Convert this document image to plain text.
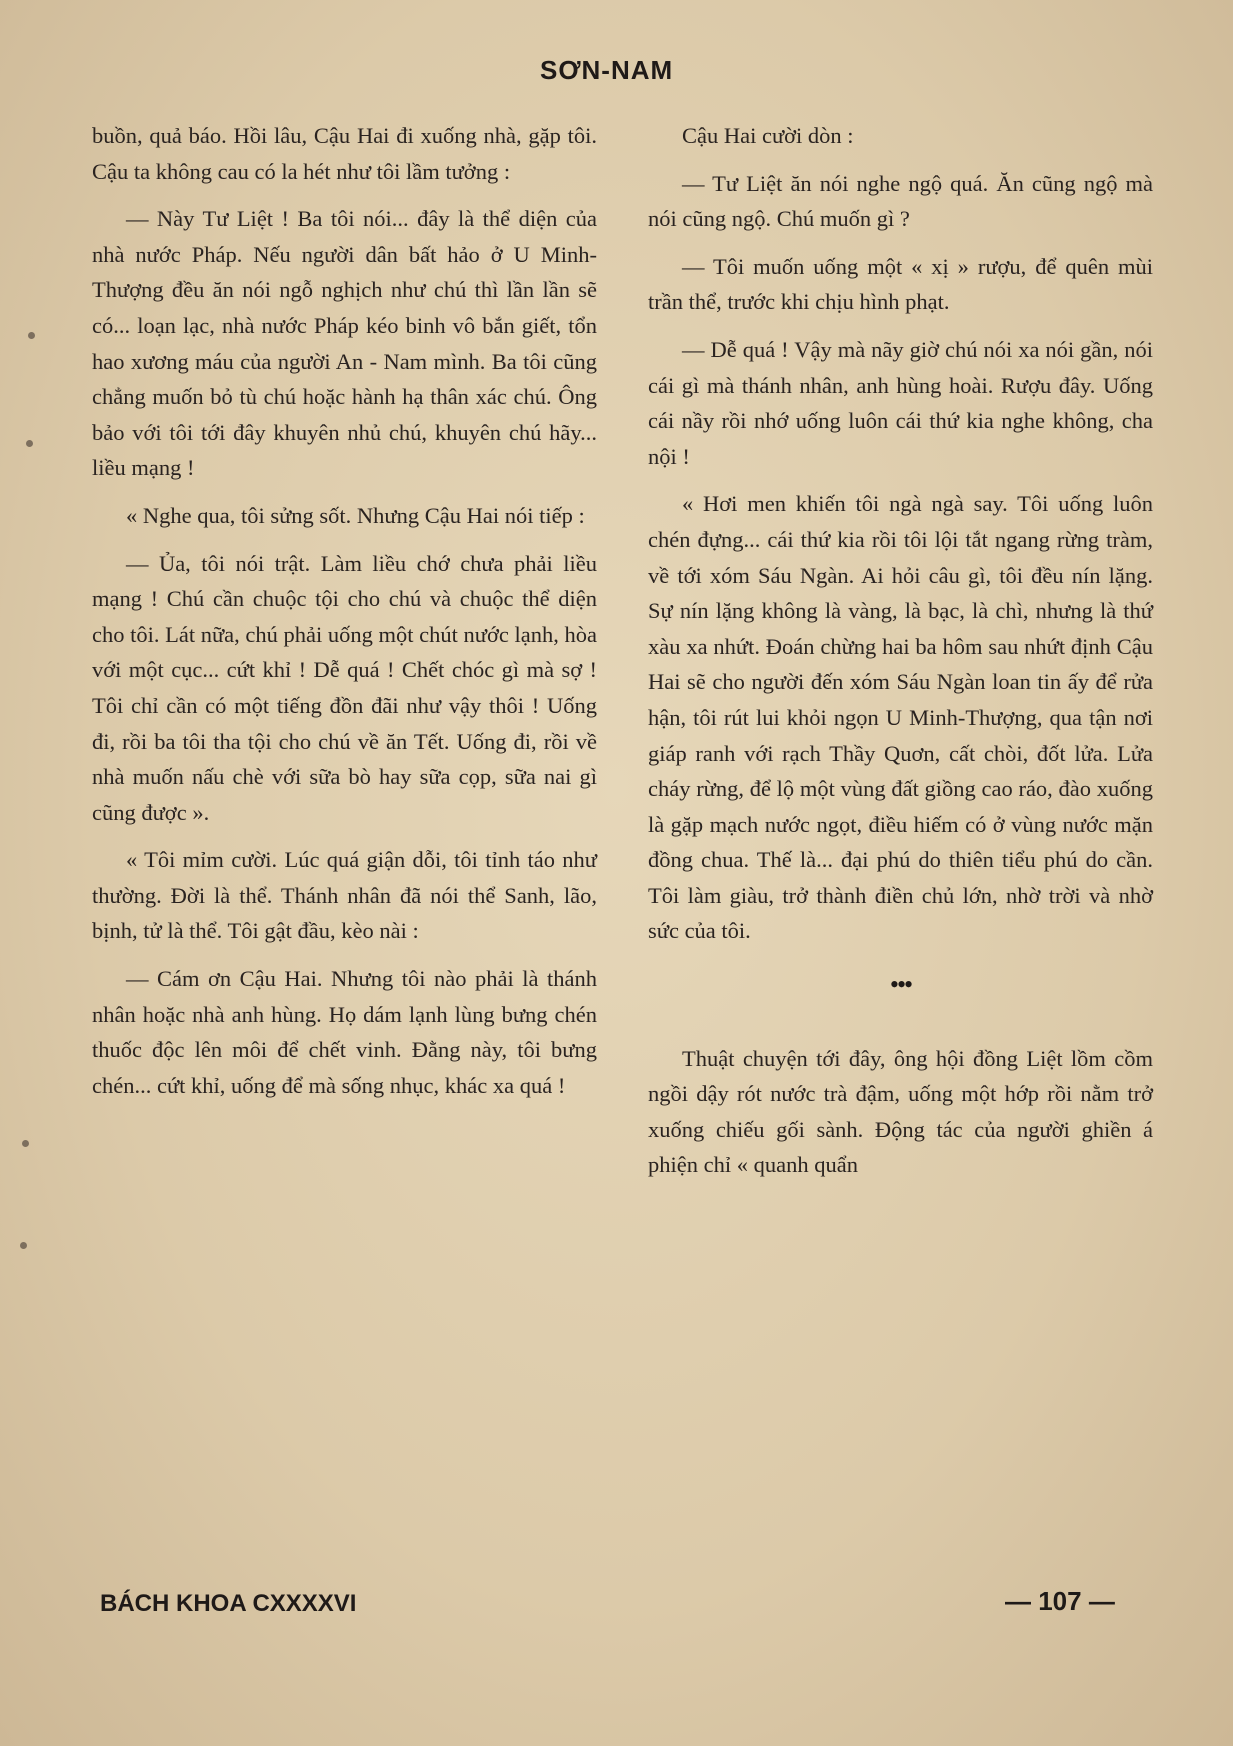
SƠN-NAM

buồn, quả báo. Hồi lâu, Cậu Hai đi xuống nhà, gặp tôi. Cậu ta không cau có la hét như tôi lầm tưởng :

— Này Tư Liệt ! Ba tôi nói... đây là thể diện của nhà nước Pháp. Nếu người dân bất hảo ở U Minh-Thượng đều ăn nói ngỗ nghịch như chú thì lần lần sẽ có... loạn lạc, nhà nước Pháp kéo binh vô bắn giết, tổn hao xương máu của người An - Nam mình. Ba tôi cũng chẳng muốn bỏ tù chú hoặc hành hạ thân xác chú. Ông bảo với tôi tới đây khuyên nhủ chú, khuyên chú hãy... liều mạng !

« Nghe qua, tôi sửng sốt. Nhưng Cậu Hai nói tiếp :

— Ủa, tôi nói trật. Làm liều chớ chưa phải liều mạng ! Chú cần chuộc tội cho chú và chuộc thể diện cho tôi. Lát nữa, chú phải uống một chút nước lạnh, hòa với một cục... cứt khỉ ! Dễ quá ! Chết chóc gì mà sợ ! Tôi chỉ cần có một tiếng đồn đãi như vậy thôi ! Uống đi, rồi ba tôi tha tội cho chú về ăn Tết. Uống đi, rồi về nhà muốn nấu chè với sữa bò hay sữa cọp, sữa nai gì cũng được ».

« Tôi mỉm cười. Lúc quá giận dỗi, tôi tỉnh táo như thường. Đời là thể. Thánh nhân đã nói thể Sanh, lão, bịnh, tử là thể. Tôi gật đầu, kèo nài :

— Cám ơn Cậu Hai. Nhưng tôi nào phải là thánh nhân hoặc nhà anh hùng. Họ dám lạnh lùng bưng chén thuốc độc lên môi để chết vinh. Đằng này, tôi bưng chén... cứt khỉ, uống để mà sống nhục, khác xa quá !

Cậu Hai cười dòn :

— Tư Liệt ăn nói nghe ngộ quá. Ăn cũng ngộ mà nói cũng ngộ. Chú muốn gì ?

— Tôi muốn uống một « xị » rượu, để quên mùi trần thể, trước khi chịu hình phạt.

— Dễ quá ! Vậy mà nãy giờ chú nói xa nói gần, nói cái gì mà thánh nhân, anh hùng hoài. Rượu đây. Uống cái nầy rồi nhớ uống luôn cái thứ kia nghe không, cha nội !

« Hơi men khiến tôi ngà ngà say. Tôi uống luôn chén đựng... cái thứ kia rồi tôi lội tắt ngang rừng tràm, về tới xóm Sáu Ngàn. Ai hỏi câu gì, tôi đều nín lặng. Sự nín lặng không là vàng, là bạc, là chì, nhưng là thứ xàu xa nhứt. Đoán chừng hai ba hôm sau nhứt định Cậu Hai sẽ cho người đến xóm Sáu Ngàn loan tin ấy để rửa hận, tôi rút lui khỏi ngọn U Minh-Thượng, qua tận nơi giáp ranh với rạch Thầy Quơn, cất chòi, đốt lửa. Lửa cháy rừng, để lộ một vùng đất giồng cao ráo, đào xuống là gặp mạch nước ngọt, điều hiếm có ở vùng nước mặn đồng chua. Thế là... đại phú do thiên tiểu phú do cần. Tôi làm giàu, trở thành điền chủ lớn, nhờ trời và nhờ sức của tôi.

•••

Thuật chuyện tới đây, ông hội đồng Liệt lồm cồm ngồi dậy rót nước trà đậm, uống một hớp rồi nằm trở xuống chiếu gối sành. Động tác của người ghiền á phiện chỉ « quanh quẩn

BÁCH KHOA CXXXXVI	— 107 —
